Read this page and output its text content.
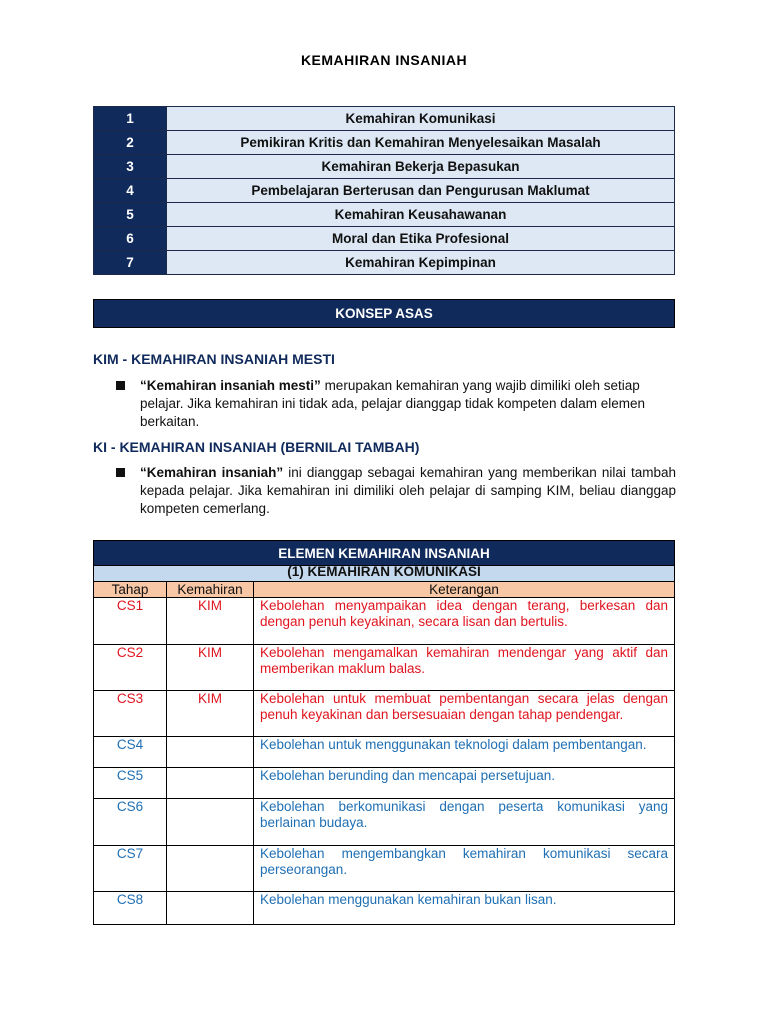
KEMAHIRAN INSANIAH
1	Kemahiran Komunikasi
2	Pemikiran Kritis dan Kemahiran Menyelesaikan Masalah
3	Kemahiran Bekerja Bepasukan
4	Pembelajaran Berterusan dan Pengurusan Maklumat
5	Kemahiran Keusahawanan
6	Moral dan Etika Profesional
7	Kemahiran Kepimpinan
KONSEP ASAS
KIM - KEMAHIRAN INSANIAH MESTI
“Kemahiran insaniah mesti” merupakan kemahiran yang wajib dimiliki oleh setiap pelajar. Jika kemahiran ini tidak ada, pelajar dianggap tidak kompeten dalam elemen berkaitan.
KI - KEMAHIRAN INSANIAH (BERNILAI TAMBAH)
“Kemahiran insaniah” ini dianggap sebagai kemahiran yang memberikan nilai tambah kepada pelajar. Jika kemahiran ini dimiliki oleh pelajar di samping KIM, beliau dianggap kompeten cemerlang.
ELEMEN KEMAHIRAN INSANIAH
(1) KEMAHIRAN KOMUNIKASI
Tahap	Kemahiran	Keterangan
CS1	KIM	Kebolehan menyampaikan idea dengan terang, berkesan dan dengan penuh keyakinan, secara lisan dan bertulis.
CS2	KIM	Kebolehan mengamalkan kemahiran mendengar yang aktif dan memberikan maklum balas.
CS3	KIM	Kebolehan untuk membuat pembentangan secara jelas dengan penuh keyakinan dan bersesuaian dengan tahap pendengar.
CS4		Kebolehan untuk menggunakan teknologi dalam pembentangan.
CS5		Kebolehan berunding dan mencapai persetujuan.
CS6		Kebolehan berkomunikasi dengan peserta komunikasi yang berlainan budaya.
CS7		Kebolehan mengembangkan kemahiran komunikasi secara perseorangan.
CS8		Kebolehan menggunakan kemahiran bukan lisan.
